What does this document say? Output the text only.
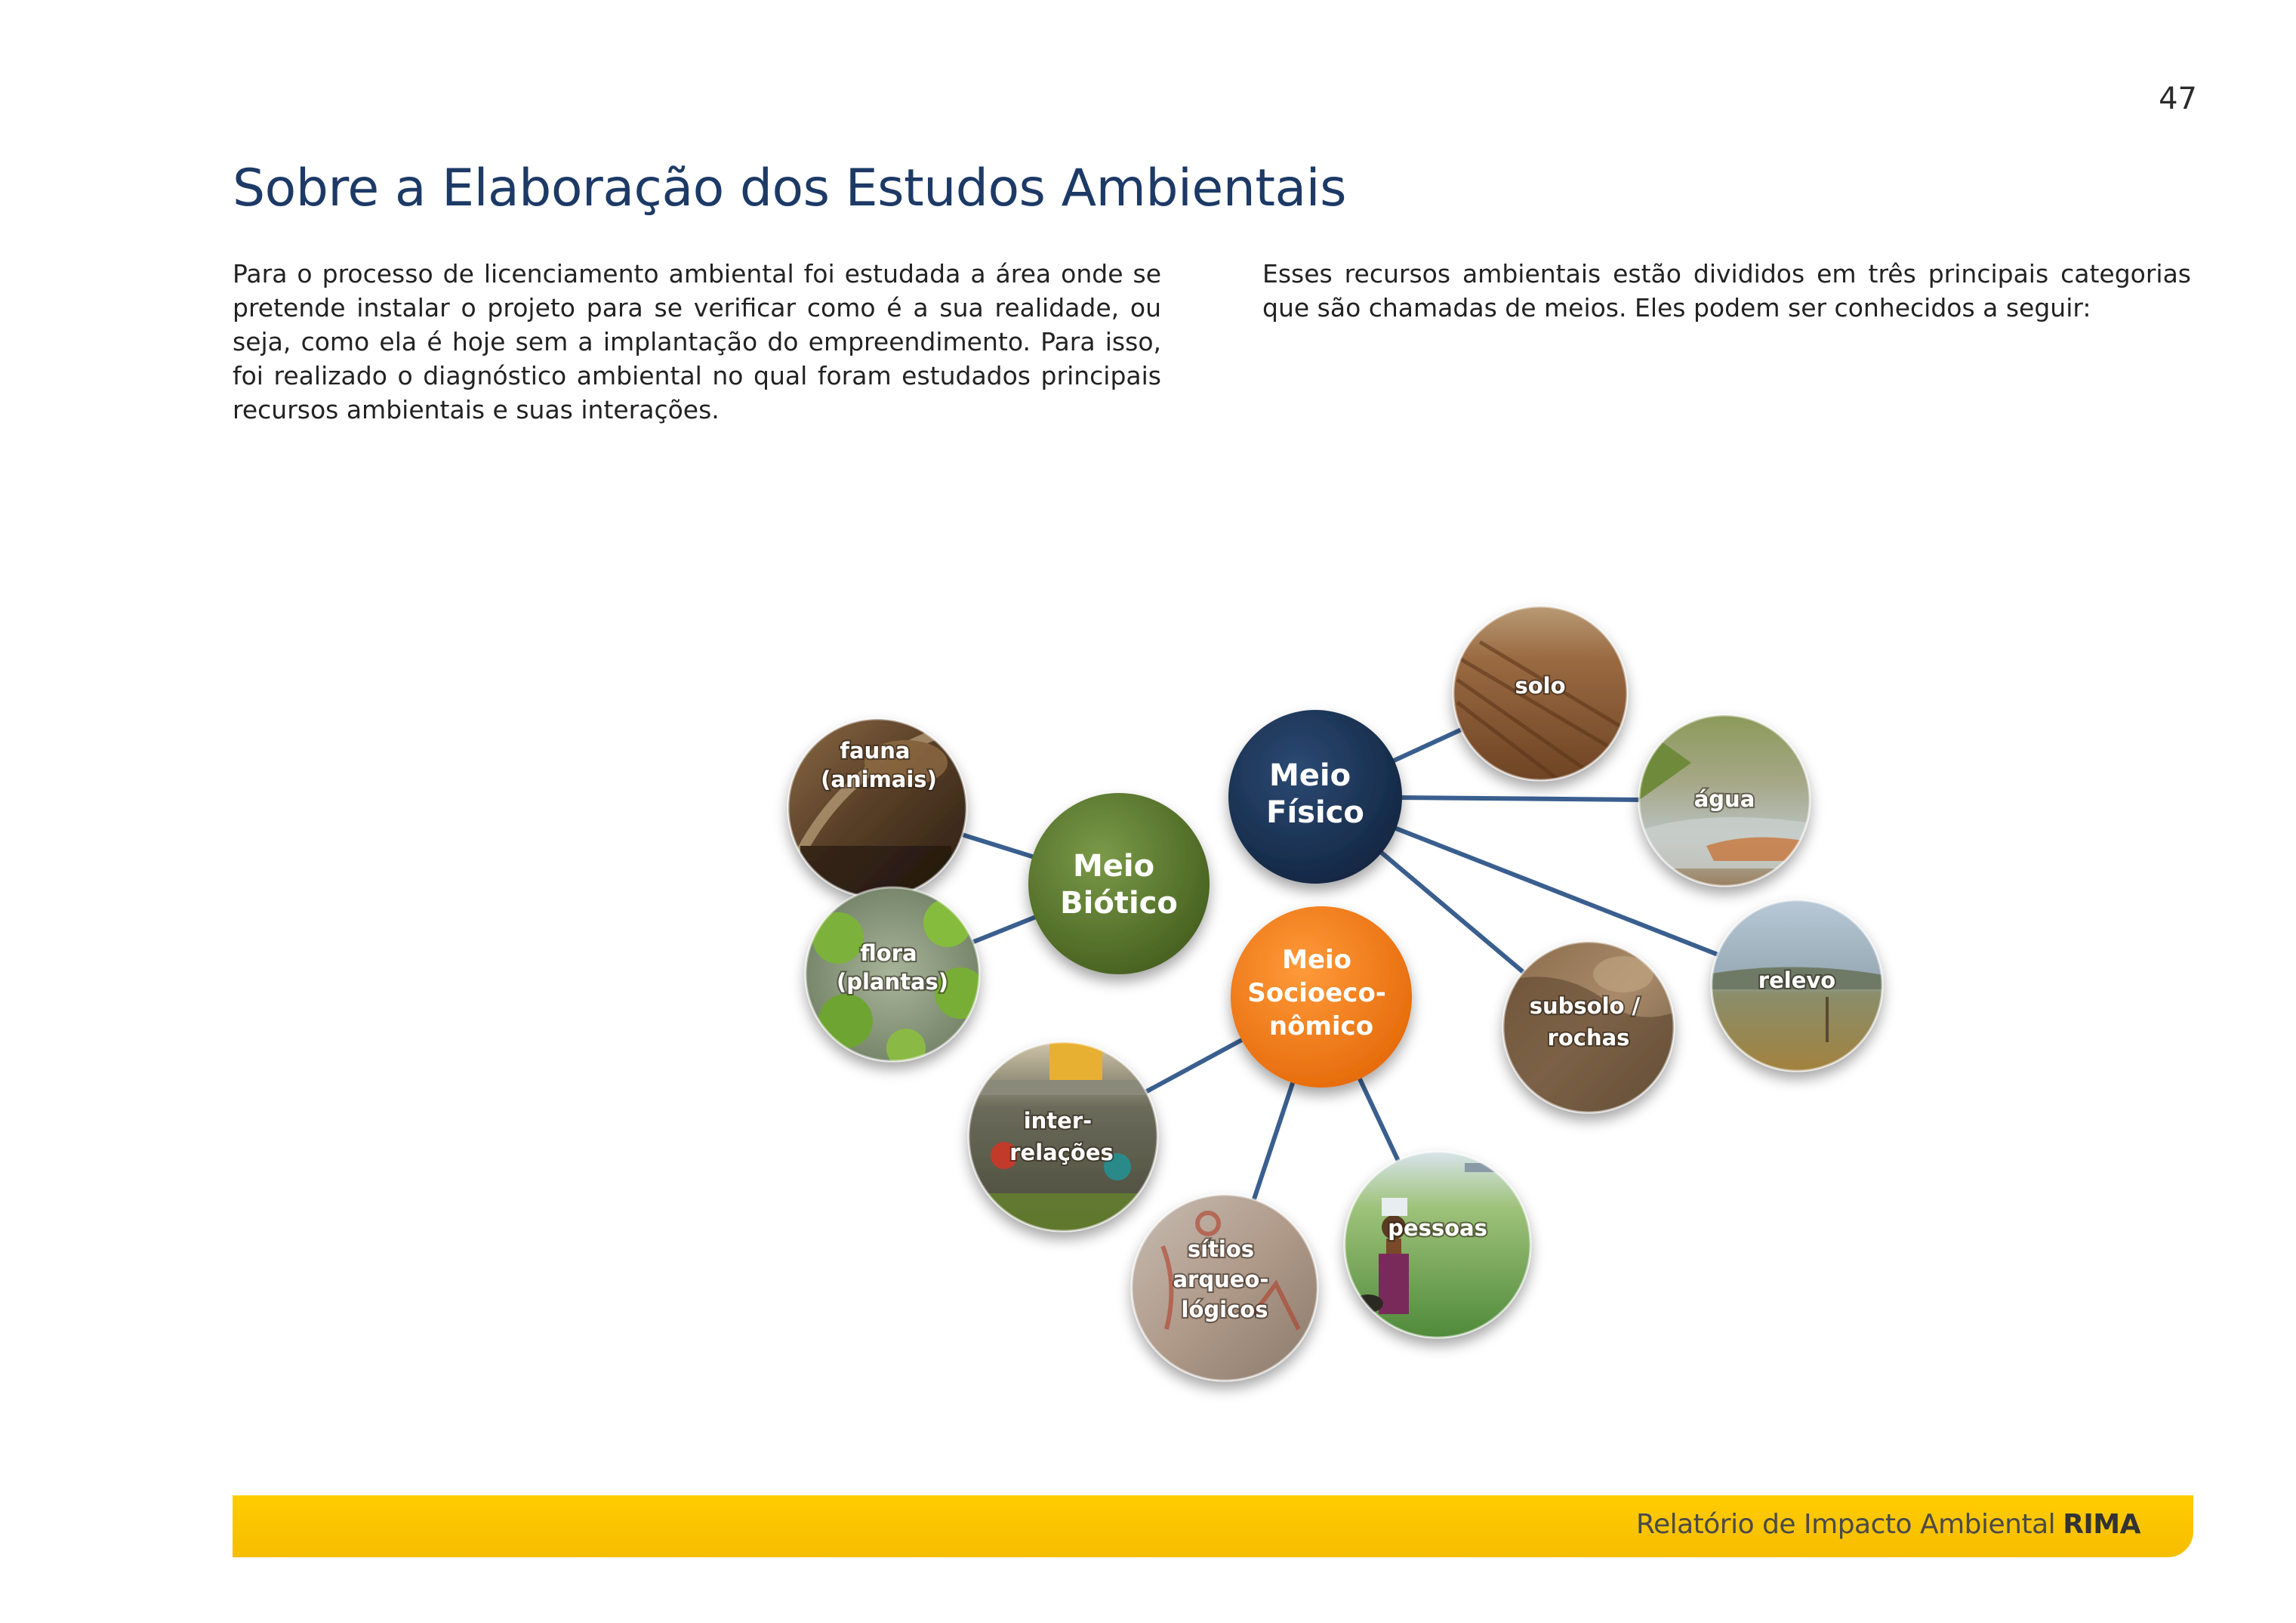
47
Sobre a Elaboração dos Estudos Ambientais

Para o processo de licenciamento ambiental foi estudada a área onde se pretende instalar o projeto para se verificar como é a sua realidade, ou seja, como ela é hoje sem a implantação do empreendimento. Para isso, foi realizado o diagnóstico ambiental no qual foram estudados principais recursos ambientais e suas interações.

Esses recursos ambientais estão divididos em três principais categorias que são chamadas de meios. Eles podem ser conhecidos a seguir:

fauna (animais)
flora (plantas)
solo
água
relevo
subsolo / rochas
inter- relações
sítios arqueo- lógicos
pessoas
Meio Biótico
Meio Físico
Meio Socioeco- nômico
Relatório de Impacto Ambiental RIMA
